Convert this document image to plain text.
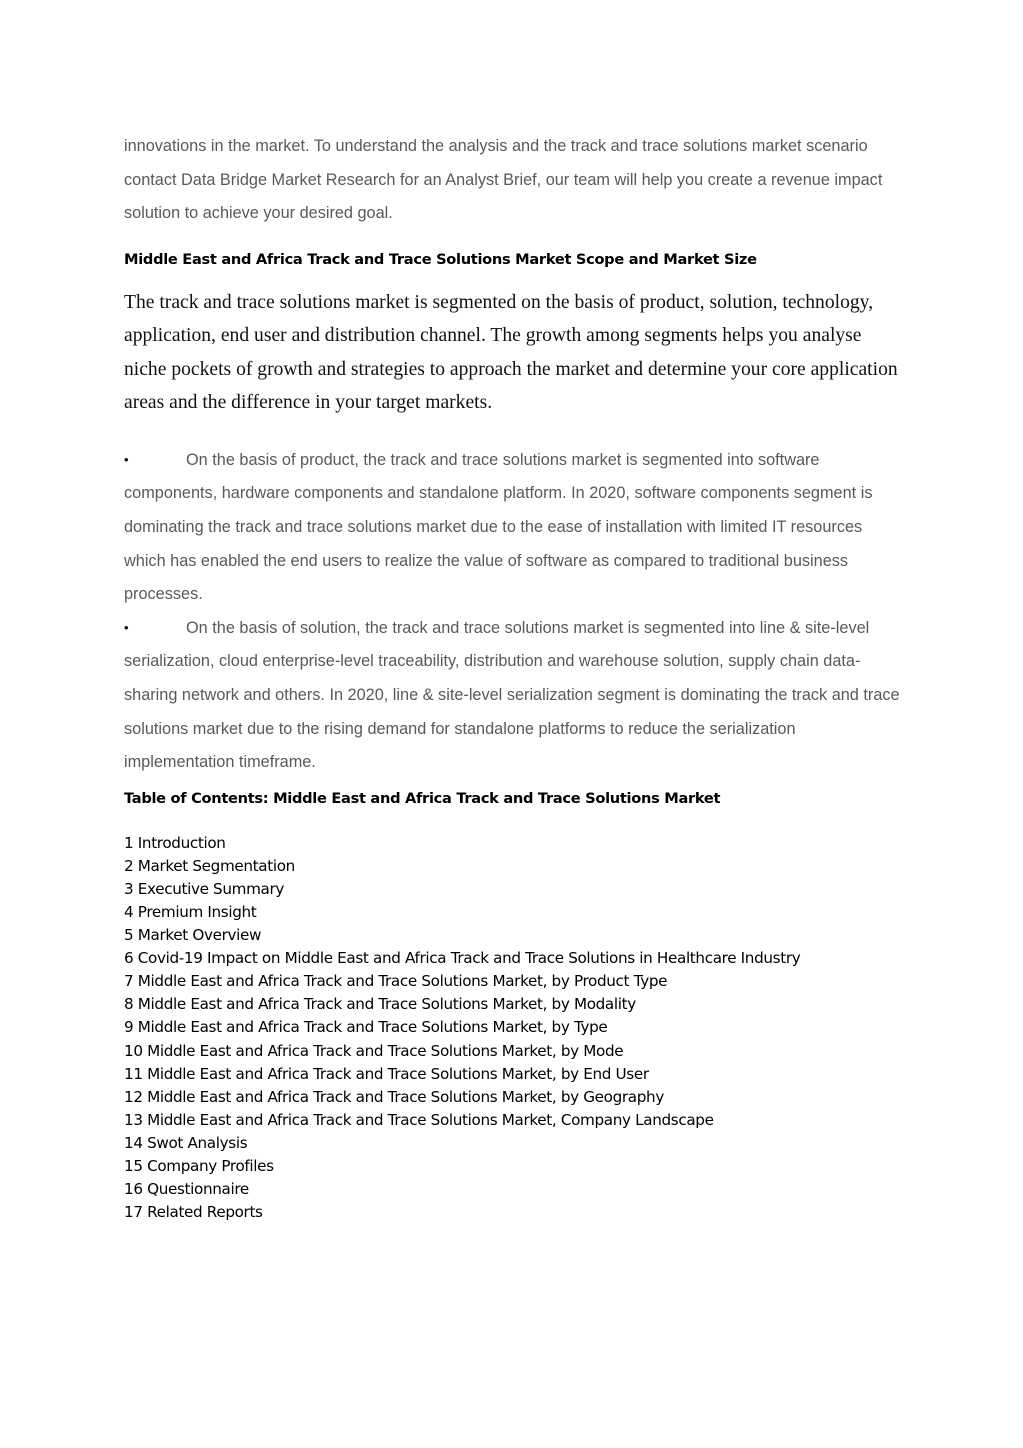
innovations in the market. To understand the analysis and the track and trace solutions market scenario contact Data Bridge Market Research for an Analyst Brief, our team will help you create a revenue impact solution to achieve your desired goal.

Middle East and Africa Track and Trace Solutions Market Scope and Market Size

The track and trace solutions market is segmented on the basis of product, solution, technology, application, end user and distribution channel. The growth among segments helps you analyse niche pockets of growth and strategies to approach the market and determine your core application areas and the difference in your target markets.

•	On the basis of product, the track and trace solutions market is segmented into software components, hardware components and standalone platform. In 2020, software components segment is dominating the track and trace solutions market due to the ease of installation with limited IT resources which has enabled the end users to realize the value of software as compared to traditional business processes.

•	On the basis of solution, the track and trace solutions market is segmented into line & site-level serialization, cloud enterprise-level traceability, distribution and warehouse solution, supply chain data-sharing network and others. In 2020, line & site-level serialization segment is dominating the track and trace solutions market due to the rising demand for standalone platforms to reduce the serialization implementation timeframe.

Table of Contents: Middle East and Africa Track and Trace Solutions Market

1 Introduction
2 Market Segmentation
3 Executive Summary
4 Premium Insight
5 Market Overview
6 Covid-19 Impact on Middle East and Africa Track and Trace Solutions in Healthcare Industry
7 Middle East and Africa Track and Trace Solutions Market, by Product Type
8 Middle East and Africa Track and Trace Solutions Market, by Modality
9 Middle East and Africa Track and Trace Solutions Market, by Type
10 Middle East and Africa Track and Trace Solutions Market, by Mode
11 Middle East and Africa Track and Trace Solutions Market, by End User
12 Middle East and Africa Track and Trace Solutions Market, by Geography
13 Middle East and Africa Track and Trace Solutions Market, Company Landscape
14 Swot Analysis
15 Company Profiles
16 Questionnaire
17 Related Reports
